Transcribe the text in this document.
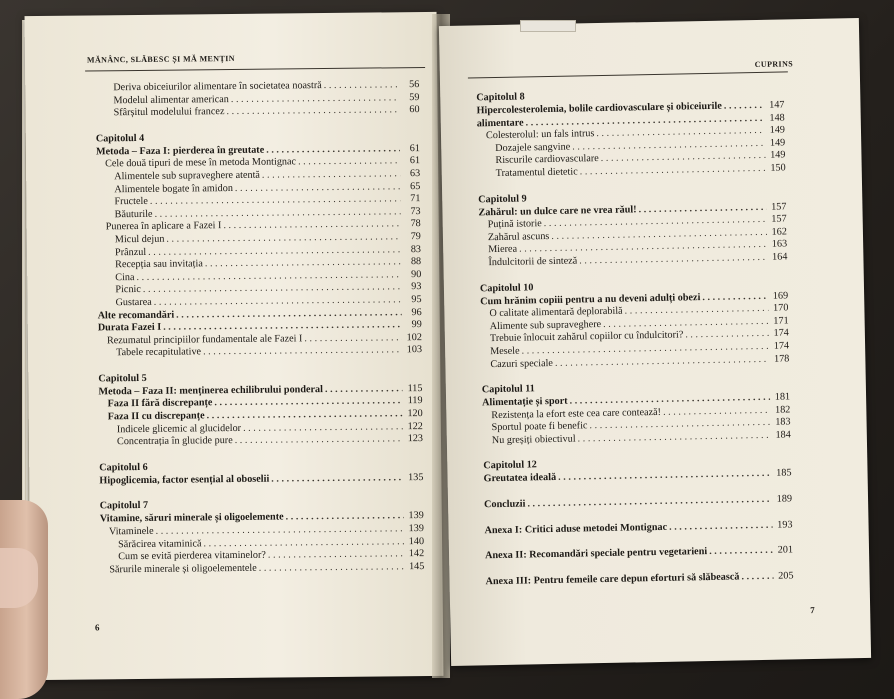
MĂNÂNC, SLĂBESC ȘI MĂ MENȚIN
Deriva obiceiurilor alimentare în societatea noastră . . .	56
Modelul alimentar american . . .	59
Sfârșitul modelului francez . . .	60
Capitolul 4
Metoda – Faza I: pierderea în greutate . . .	61
Cele două tipuri de mese în metoda Montignac . . .	61
Alimentele sub supraveghere atentă . . .	63
Alimentele bogate în amidon . . .	65
Fructele . . .	71
Băuturile . . .	73
Punerea în aplicare a Fazei I . . .	78
Micul dejun . . .	79
Prânzul . . .	83
Recepția sau invitația . . .	88
Cina . . .	90
Picnic . . .	93
Gustarea . . .	95
Alte recomandări . . .	96
Durata Fazei I . . .	99
Rezumatul principiilor fundamentale ale Fazei I . . .	102
Tabele recapitulative . . .	103
Capitolul 5
Metoda – Faza II: menținerea echilibrului ponderal . . .	115
Faza II fără discrepanțe . . .	119
Faza II cu discrepanțe . . .	120
Indicele glicemic al glucidelor . . .	122
Concentrația în glucide pure . . .	123
Capitolul 6
Hipoglicemia, factor esențial al oboselii . . .	135
Capitolul 7
Vitamine, săruri minerale și oligoelemente . . .	139
Vitaminele . . .	139
Sărăcirea vitaminică . . .	140
Cum se evită pierderea vitaminelor? . . .	142
Sărurile minerale și oligoelementele . . .	145
6
CUPRINS
Capitolul 8
Hipercolesterolemia, bolile cardiovasculare și obiceiurile . . .	147
alimentare . . .	148
Colesterolul: un fals intrus . . .	149
Dozajele sangvine . . .	149
Riscurile cardiovasculare . . .	149
Tratamentul dietetic . . .	150
Capitolul 9
Zahărul: un dulce care ne vrea răul! . . .	157
Puțină istorie . . .	157
Zahărul ascuns . . .	162
Mierea . . .	163
Îndulcitorii de sinteză . . .	164
Capitolul 10
Cum hrănim copiii pentru a nu deveni adulți obezi . . .	169
O calitate alimentară deplorabilă . . .	170
Alimente sub supraveghere . . .	171
Trebuie înlocuit zahărul copiilor cu îndulcitori? . . .	174
Mesele . . .	174
Cazuri speciale . . .	178
Capitolul 11
Alimentație și sport . . .	181
Rezistența la efort este cea care contează! . . .	182
Sportul poate fi benefic . . .	183
Nu greșiți obiectivul . . .	184
Capitolul 12
Greutatea ideală . . .	185
Concluzii . . .	189
Anexa I: Critici aduse metodei Montignac . . .	193
Anexa II: Recomandări speciale pentru vegetarieni . . .	201
Anexa III: Pentru femeile care depun eforturi să slăbească . . .	205
7
